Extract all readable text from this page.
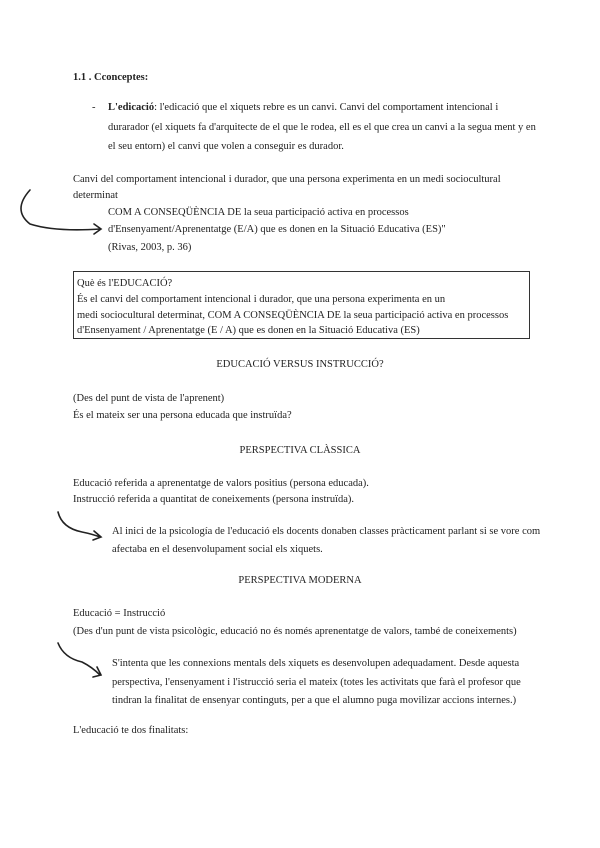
1.1 . Cconceptes:
- L'edicació: l'edicació que el xiquets rebre es un canvi. Canvi del comportament intencional i
durarador (el xiquets fa d'arquitecte de el que le rodea, ell es el que crea un canvi a la segua ment y en
el seu entorn) el canvi que volen a conseguir es durador.
Canvi del comportament intencional i durador, que una persona experimenta en un medi sociocultural
determinat
COM A CONSEQÜÈNCIA DE la seua participació activa en processos
d'Ensenyament/Aprenentatge (E/A) que es donen en la Situació Educativa (ES)"
(Rivas, 2003, p. 36)
Què és l'EDUCACIÓ?
És el canvi del comportament intencional i durador, que una persona experimenta en un
medi sociocultural determinat, COM A CONSEQÜÈNCIA DE la seua participació activa en processos
d'Ensenyament / Aprenentatge (E / A) que es donen en la Situació Educativa (ES)
EDUCACIÓ VERSUS INSTRUCCIÓ?
(Des del punt de vista de l'aprenent)
És el mateix ser una persona educada que instruïda?
PERSPECTIVA CLÀSSICA
Educació referida a aprenentatge de valors positius (persona educada).
Instrucció referida a quantitat de coneixements (persona instruïda).
Al inici de la psicología de l'educació els docents donaben classes pràcticament parlant si se vore com
afectaba en el desenvolupament social els xiquets.
PERSPECTIVA MODERNA
Educació = Instrucció
(Des d'un punt de vista psicològic, educació no és només aprenentatge de valors, també de coneixements)
S'intenta que les connexions mentals dels xiquets es desenvolupen adequadament. Desde aquesta
perspectiva, l'ensenyament i l'istrucció seria el mateix (totes les activitats que farà el profesor que
tindran la finalitat de ensenyar continguts, per a que el alumno puga movilizar accions internes.)
L'educació te dos finalitats:
